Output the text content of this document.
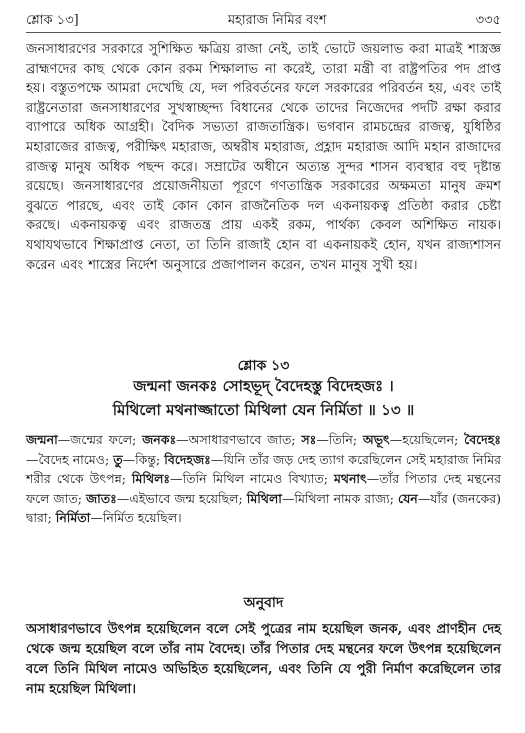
শ্লোক ১৩]	মহারাজ নিমির বংশ	৩৩৫
জনসাধারণের সরকারে সুশিক্ষিত ক্ষত্রিয় রাজা নেই, তাই ভোটে জয়লাভ করা মাত্রই শাস্ত্রজ্ঞ ব্রাহ্মণদের কাছ থেকে কোন রকম শিক্ষালাভ না করেই, তারা মন্ত্রী বা রাষ্ট্রপতির পদ প্রাপ্ত হয়। বস্তুতপক্ষে আমরা দেখেছি যে, দল পরিবর্তনের ফলে সরকারের পরিবর্তন হয়, এবং তাই রাষ্ট্রনেতারা জনসাধারণের সুখস্বাচ্ছন্দ্য বিধানের থেকে তাদের নিজেদের পদটি রক্ষা করার ব্যাপারে অধিক আগ্রহী। বৈদিক সভ্যতা রাজতান্ত্রিক। ভগবান রামচন্দ্রের রাজত্ব, যুধিষ্ঠির মহারাজের রাজত্ব, পরীক্ষিৎ মহারাজ, অম্বরীষ মহারাজ, প্রহ্লাদ মহারাজ আদি মহান রাজাদের রাজত্ব মানুষ অধিক পছন্দ করে। সম্রাটের অধীনে অত্যন্ত সুন্দর শাসন ব্যবস্থার বহু দৃষ্টান্ত রয়েছে। জনসাধারণের প্রয়োজনীয়তা পূরণে গণতান্ত্রিক সরকারের অক্ষমতা মানুষ ক্রমশ বুঝতে পারছে, এবং তাই কোন কোন রাজনৈতিক দল একনায়কত্ব প্রতিষ্ঠা করার চেষ্টা করছে। একনায়কত্ব এবং রাজতন্ত্র প্রায় একই রকম, পার্থক্য কেবল অশিক্ষিত নায়ক। যথাযথভাবে শিক্ষাপ্রাপ্ত নেতা, তা তিনি রাজাই হোন বা একনায়কই হোন, যখন রাজ্যশাসন করেন এবং শাস্ত্রের নির্দেশ অনুসারে প্রজাপালন করেন, তখন মানুষ সুখী হয়।
শ্লোক ১৩
জন্মনা জনকঃ সোহভূদ্ বৈদেহস্তু বিদেহজঃ ।
মিথিলো মথনাজ্জাতো মিথিলা যেন নির্মিতা ॥ ১৩ ॥
জন্মনা—জন্মের ফলে; জনকঃ—অসাধারণভাবে জাত; সঃ—তিনি; অভূৎ—হয়েছিলেন; বৈদেহঃ—বৈদেহ নামেও; তু—কিন্তু; বিদেহজঃ—যিনি তাঁর জড় দেহ ত্যাগ করেছিলেন সেই মহারাজ নিমির শরীর থেকে উৎপন্ন; মিথিলঃ—তিনি মিথিল নামেও বিখ্যাত; মথনাৎ—তাঁর পিতার দেহ মন্থনের ফলে জাত; জাতঃ—এইভাবে জন্ম হয়েছিল; মিথিলা—মিথিলা নামক রাজ্য; যেন—যাঁর (জনকের) দ্বারা; নির্মিতা—নির্মিত হয়েছিল।
অনুবাদ
অসাধারণভাবে উৎপন্ন হয়েছিলেন বলে সেই পুত্রের নাম হয়েছিল জনক, এবং প্রাণহীন দেহ থেকে জন্ম হয়েছিল বলে তাঁর নাম বৈদেহ। তাঁর পিতার দেহ মন্থনের ফলে উৎপন্ন হয়েছিলেন বলে তিনি মিথিল নামেও অভিহিত হয়েছিলেন, এবং তিনি যে পুরী নির্মাণ করেছিলেন তার নাম হয়েছিল মিথিলা।
